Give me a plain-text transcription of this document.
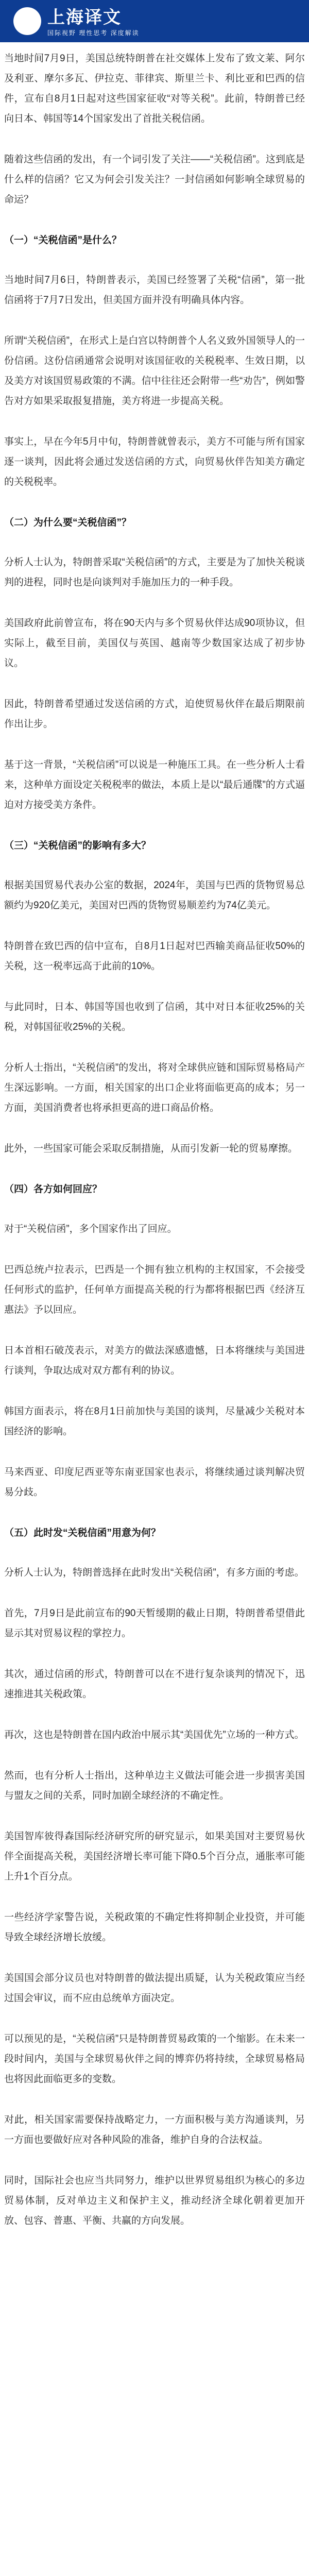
上海译文
国际视野 理性思考 深度解读

当地时间7月9日，美国总统特朗普在社交媒体上发布了致文莱、阿尔及利亚、摩尔多瓦、伊拉克、菲律宾、斯里兰卡、利比亚和巴西的信件，宣布自8月1日起对这些国家征收“对等关税”。此前，特朗普已经向日本、韩国等14个国家发出了首批关税信函。

随着这些信函的发出，有一个词引发了关注——“关税信函”。这到底是什么样的信函？它又为何会引发关注？一封信函如何影响全球贸易的命运？

（一）“关税信函”是什么？

当地时间7月6日，特朗普表示，美国已经签署了关税“信函”，第一批信函将于7月7日发出，但美国方面并没有明确具体内容。

所谓“关税信函”，在形式上是白宫以特朗普个人名义致外国领导人的一份信函。这份信函通常会说明对该国征收的关税税率、生效日期，以及美方对该国贸易政策的不满。信中往往还会附带一些“劝告”，例如警告对方如果采取报复措施，美方将进一步提高关税。

事实上，早在今年5月中旬，特朗普就曾表示，美方不可能与所有国家逐一谈判，因此将会通过发送信函的方式，向贸易伙伴告知美方确定的关税税率。

（二）为什么要“关税信函”？

分析人士认为，特朗普采取“关税信函”的方式，主要是为了加快关税谈判的进程，同时也是向谈判对手施加压力的一种手段。

美国政府此前曾宣布，将在90天内与多个贸易伙伴达成90项协议，但实际上，截至目前，美国仅与英国、越南等少数国家达成了初步协议。

因此，特朗普希望通过发送信函的方式，迫使贸易伙伴在最后期限前作出让步。

基于这一背景，“关税信函”可以说是一种施压工具。在一些分析人士看来，这种单方面设定关税税率的做法，本质上是以“最后通牒”的方式逼迫对方接受美方条件。

（三）“关税信函”的影响有多大？

根据美国贸易代表办公室的数据，2024年，美国与巴西的货物贸易总额约为920亿美元，美国对巴西的货物贸易顺差约为74亿美元。

特朗普在致巴西的信中宣布，自8月1日起对巴西输美商品征收50%的关税，这一税率远高于此前的10%。

与此同时，日本、韩国等国也收到了信函，其中对日本征收25%的关税，对韩国征收25%的关税。

分析人士指出，“关税信函”的发出，将对全球供应链和国际贸易格局产生深远影响。一方面，相关国家的出口企业将面临更高的成本；另一方面，美国消费者也将承担更高的进口商品价格。

此外，一些国家可能会采取反制措施，从而引发新一轮的贸易摩擦。

（四）各方如何回应？

对于“关税信函”，多个国家作出了回应。

巴西总统卢拉表示，巴西是一个拥有独立机构的主权国家，不会接受任何形式的监护，任何单方面提高关税的行为都将根据巴西《经济互惠法》予以回应。

日本首相石破茂表示，对美方的做法深感遗憾，日本将继续与美国进行谈判，争取达成对双方都有利的协议。

韩国方面表示，将在8月1日前加快与美国的谈判，尽量减少关税对本国经济的影响。

马来西亚、印度尼西亚等东南亚国家也表示，将继续通过谈判解决贸易分歧。

（五）此时发“关税信函”用意为何？

分析人士认为，特朗普选择在此时发出“关税信函”，有多方面的考虑。

首先，7月9日是此前宣布的90天暂缓期的截止日期，特朗普希望借此显示其对贸易议程的掌控力。

其次，通过信函的形式，特朗普可以在不进行复杂谈判的情况下，迅速推进其关税政策。

再次，这也是特朗普在国内政治中展示其“美国优先”立场的一种方式。

然而，也有分析人士指出，这种单边主义做法可能会进一步损害美国与盟友之间的关系，同时加剧全球经济的不确定性。

美国智库彼得森国际经济研究所的研究显示，如果美国对主要贸易伙伴全面提高关税，美国经济增长率可能下降0.5个百分点，通胀率可能上升1个百分点。

一些经济学家警告说，关税政策的不确定性将抑制企业投资，并可能导致全球经济增长放缓。

美国国会部分议员也对特朗普的做法提出质疑，认为关税政策应当经过国会审议，而不应由总统单方面决定。

可以预见的是，“关税信函”只是特朗普贸易政策的一个缩影。在未来一段时间内，美国与全球贸易伙伴之间的博弈仍将持续，全球贸易格局也将因此面临更多的变数。

对此，相关国家需要保持战略定力，一方面积极与美方沟通谈判，另一方面也要做好应对各种风险的准备，维护自身的合法权益。

同时，国际社会也应当共同努力，维护以世界贸易组织为核心的多边贸易体制，反对单边主义和保护主义，推动经济全球化朝着更加开放、包容、普惠、平衡、共赢的方向发展。
